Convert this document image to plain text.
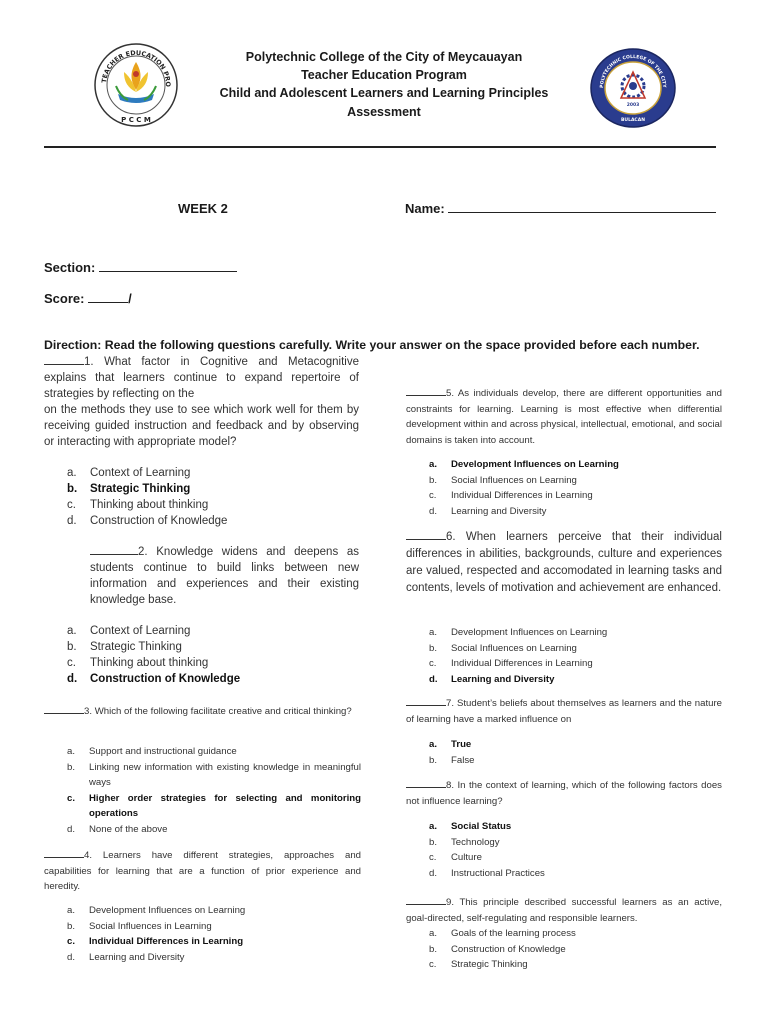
TEACHER EDUCATION PRO
P C C M
POLYTECHNIC COLLEGE OF THE CITY
2003
BULACAN
Polytechnic College of the City of Meycauayan
Teacher Education Program
Child and Adolescent Learners and Learning Principles
Assessment
WEEK 2	Name:
Section:
Score:	/
Direction: Read the following questions carefully. Write your answer on the space provided before each number.
1. What factor in Cognitive and Metacognitive explains that learners continue to expand repertoire of strategies by reflecting on the
on the methods they use to see which work well for them by receiving guided instruction and feedback and by observing or interacting with appropriate model?
a.	Context of Learning
b.	Strategic Thinking
c.	Thinking about thinking
d.	Construction of Knowledge
2. Knowledge widens and deepens as students continue to build links between new information and experiences and their existing knowledge base.
a.	Context of Learning
b.	Strategic Thinking
c.	Thinking about thinking
d.	Construction of Knowledge
3. Which of the following facilitate creative and critical thinking?
a.	Support and instructional guidance
b.	Linking new information with existing knowledge in meaningful ways
c.	Higher order strategies for selecting and monitoring operations
d.	None of the above
4. Learners have different strategies, approaches and capabilities for learning that are a function of prior experience and heredity.
a.	Development Influences on Learning
b.	Social Influences in Learning
c.	Individual Differences in Learning
d.	Learning and Diversity
5. As individuals develop, there are different opportunities and constraints for learning. Learning is most effective when differential development within and across physical, intellectual, emotional, and social domains is taken into account.
a.	Development Influences on Learning
b.	Social Influences on Learning
c.	Individual Differences in Learning
d.	Learning and Diversity
6. When learners perceive that their individual differences in abilities, backgrounds, culture and experiences are valued, respected and accomodated in learning tasks and contents, levels of motivation and achievement are enhanced.
a.	Development Influences on Learning
b.	Social Influences on Learning
c.	Individual Differences in Learning
d.	Learning and Diversity
7. Student’s beliefs about themselves as learners and the nature of learning have a marked influence on
a.	True
b.	False
8. In the context of learning, which of the following factors does not influence learning?
a.	Social Status
b.	Technology
c.	Culture
d.	Instructional Practices
9. This principle described successful learners as an active, goal-directed, self-regulating and responsible learners.
a.	Goals of the learning process
b.	Construction of Knowledge
c.	Strategic Thinking
